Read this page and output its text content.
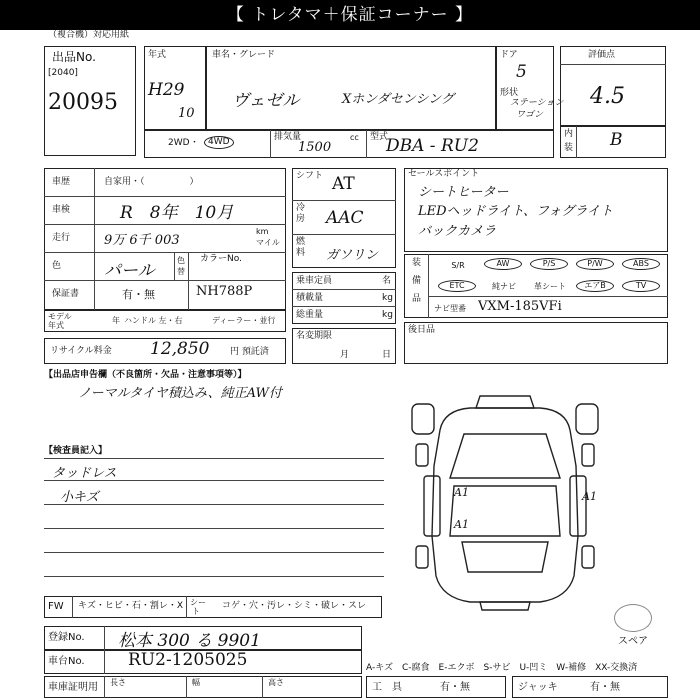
【 トレタマ＋保証コーナー 】
（複合機）対応用紙
出品No.
[2040]
20095
年式
H29
10
車名・グレード
ヴェゼル	Xホンダセンシング
ドア
5
形状
ステーション
ワゴン
評価点
4.5
内
装 B
2WD ・ 4WD	排気量	cc
1500
型式
DBA - RU2
車歴	自家用・（　　　　　）
車検	R　8年　10月
走行	9万 6千 003
km
マイル
色	パール
色
替
カラーNo.
保証書	有・無	NH788P
モデル
年式
年 ハンドル 左・右	ディーラー・並行
リサイクル料金 12,850 円 預託済
シフト AT
冷
房 AAC
燃
料 ガソリン
乗車定員	名
積載量	kg
総重量	kg
名変期限
月	日
セールスポイント
シートヒーター
LEDヘッドライト、フォグライト
バックカメラ
装
備
品
S/R	AW	P/S	P/W	ABS
ETC	純ナビ	革シート	エアB	TV
ナビ型番 VXM-185VFi
後日品
【出品店申告欄（不良箇所・欠品・注意事項等）】
ノーマルタイヤ積込み、純正AW付
【検査員記入】
タッドレス
小キズ	A1	A1
A1
スペア
FW キズ・ヒビ・石・割レ・X シー
ト
コゲ・穴・汚レ・シミ・破レ・スレ
登録No. 松本 300 る 9901
車台No.	RU2-1205025	A-キズ　C-腐食　E-エクボ　S-サビ　U-凹ミ　W-補修　XX-交換済
車庫証明用 長さ	幅	高さ	工　具	有・無	ジャッキ	有・無
